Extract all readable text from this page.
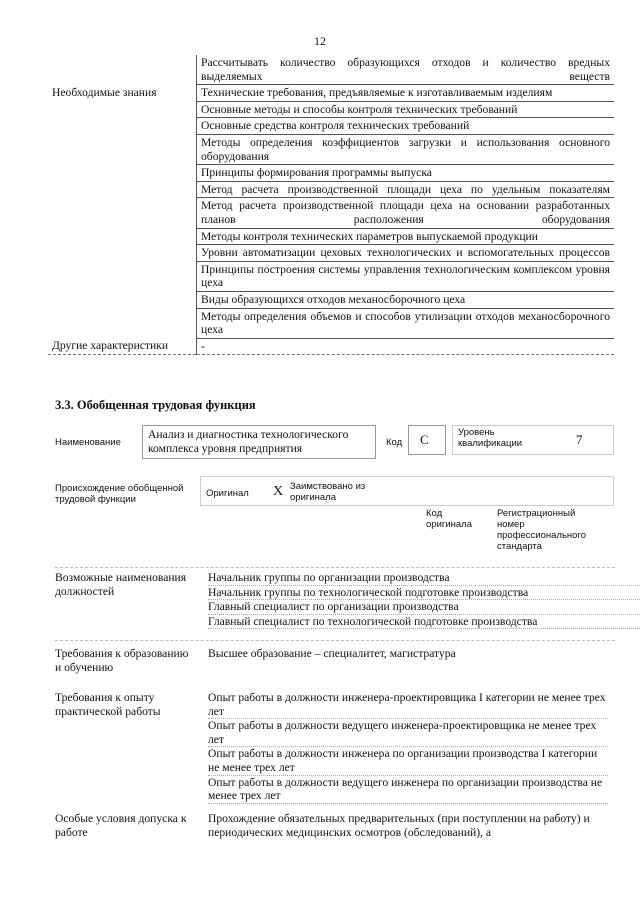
12
	Рассчитывать количество образующихся отходов и количество вредных выделяемых веществ
Необходимые знания	Технические требования, предъявляемые к изготавливаемым изделиям
	Основные методы и способы контроля технических требований
	Основные средства контроля технических требований
	Методы определения коэффициентов загрузки и использования основного оборудования
	Принципы формирования программы выпуска
	Метод расчета производственной площади цеха по удельным показателям
	Метод расчета производственной площади цеха на основании разработанных планов расположения оборудования
	Методы контроля технических параметров выпускаемой продукции
	Уровни автоматизации цеховых технологических и вспомогательных процессов
	Принципы построения системы управления технологическим комплексом уровня цеха
	Виды образующихся отходов механосборочного цеха
	Методы определения объемов и способов утилизации отходов механосборочного цеха
Другие характеристики	-
3.3. Обобщенная трудовая функция
Наименование
Анализ и диагностика технологического комплекса уровня предприятия	Код C	Уровень квалификации	7
Происхождение обобщенной трудовой функции
Оригинал X Заимствовано из оригинала
Код оригинала
Регистрационный номер профессионального стандарта
Возможные наименования должностей
Начальник группы по организации производства
Начальник группы по технологической подготовке производства
Главный специалист по организации производства
Главный специалист по технологической подготовке производства
Требования к образованию и обучению
Высшее образование – специалитет, магистратура
Требования к опыту практической работы
Опыт работы в должности инженера-проектировщика I категории не менее трех лет
Опыт работы в должности ведущего инженера-проектировщика не менее трех лет
Опыт работы в должности инженера по организации производства I категории не менее трех лет
Опыт работы в должности ведущего инженера по организации производства не менее трех лет
Особые условия допуска к работе
Прохождение обязательных предварительных (при поступлении на работу) и периодических медицинских осмотров (обследований), а
